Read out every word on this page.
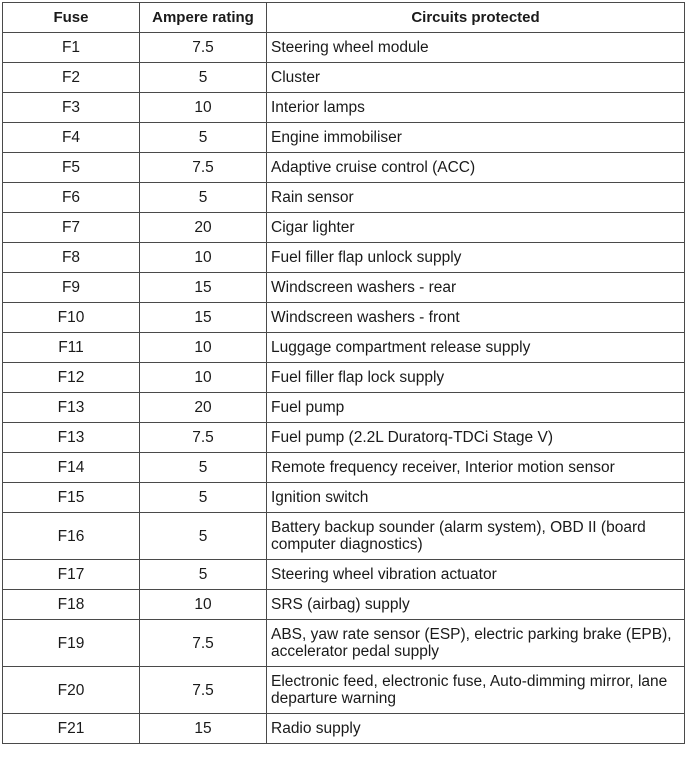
Fuse	Ampere rating	Circuits protected
F1	7.5	Steering wheel module
F2	5	Cluster
F3	10	Interior lamps
F4	5	Engine immobiliser
F5	7.5	Adaptive cruise control (ACC)
F6	5	Rain sensor
F7	20	Cigar lighter
F8	10	Fuel filler flap unlock supply
F9	15	Windscreen washers - rear
F10	15	Windscreen washers - front
F11	10	Luggage compartment release supply
F12	10	Fuel filler flap lock supply
F13	20	Fuel pump
F13	7.5	Fuel pump (2.2L Duratorq-TDCi Stage V)
F14	5	Remote frequency receiver, Interior motion sensor
F15	5	Ignition switch
F16	5	Battery backup sounder (alarm system), OBD II (board computer diagnostics)
F17	5	Steering wheel vibration actuator
F18	10	SRS (airbag) supply
F19	7.5	ABS, yaw rate sensor (ESP), electric parking brake (EPB), accelerator pedal supply
F20	7.5	Electronic feed, electronic fuse, Auto-dimming mirror, lane departure warning
F21	15	Radio supply
